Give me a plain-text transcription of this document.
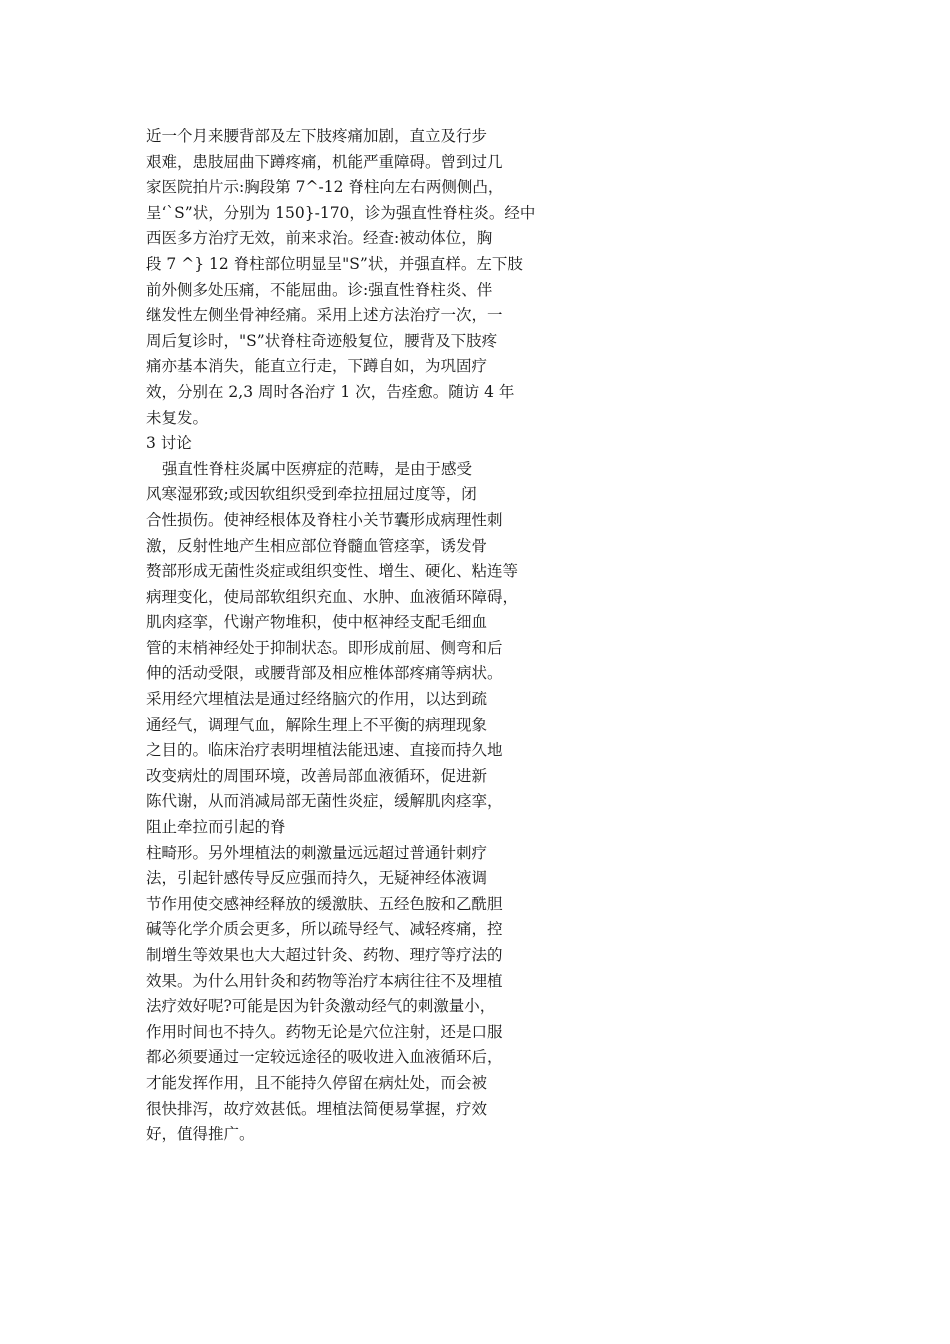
近一个月来腰背部及左下肢疼痛加剧，直立及行步
艰难，患肢屈曲下蹲疼痛，机能严重障碍。曾到过几
家医院拍片示:胸段第 7^-12 脊柱向左右两侧侧凸，
呈‘`S”状，分别为 150}-170，诊为强直性脊柱炎。经中
西医多方治疗无效，前来求治。经查:被动体位，胸
段 7 ^} 12 脊柱部位明显呈"S”状，并强直样。左下肢
前外侧多处压痛，不能屈曲。诊:强直性脊柱炎、伴
继发性左侧坐骨神经痛。采用上述方法治疗一次，一
周后复诊时，"S”状脊柱奇迹般复位，腰背及下肢疼
痛亦基本消失，能直立行走，下蹲自如，为巩固疗
效，分别在 2,3 周时各治疗 1 次，告痊愈。随访 4 年
未复发。
3 讨论
强直性脊柱炎属中医痹症的范畴，是由于感受
风寒湿邪致;或因软组织受到牵拉扭屈过度等，闭
合性损伤。使神经根体及脊柱小关节囊形成病理性刺
激，反射性地产生相应部位脊髓血管痉挛，诱发骨
赘部形成无菌性炎症或组织变性、增生、硬化、粘连等
病理变化，使局部软组织充血、水肿、血液循环障碍，
肌肉痉挛，代谢产物堆积，使中枢神经支配毛细血
管的末梢神经处于抑制状态。即形成前屈、侧弯和后
伸的活动受限，或腰背部及相应椎体部疼痛等病状。
采用经穴埋植法是通过经络脑穴的作用，以达到疏
通经气，调理气血，解除生理上不平衡的病理现象
之目的。临床治疗表明埋植法能迅速、直接而持久地
改变病灶的周围环境，改善局部血液循环，促进新
陈代谢，从而消减局部无菌性炎症，缓解肌肉痉挛，
阻止牵拉而引起的脊
柱畸形。另外埋植法的刺激量远远超过普通针刺疗
法，引起针感传导反应强而持久，无疑神经体液调
节作用使交感神经释放的缓激肤、五经色胺和乙酰胆
碱等化学介质会更多，所以疏导经气、减轻疼痛，控
制增生等效果也大大超过针灸、药物、理疗等疗法的
效果。为什么用针灸和药物等治疗本病往往不及埋植
法疗效好呢?可能是因为针灸激动经气的刺激量小，
作用时间也不持久。药物无论是穴位注射，还是口服
都必须要通过一定较远途径的吸收进入血液循环后，
才能发挥作用，且不能持久停留在病灶处，而会被
很快排泻，故疗效甚低。埋植法简便易掌握，疗效
好，值得推广。
